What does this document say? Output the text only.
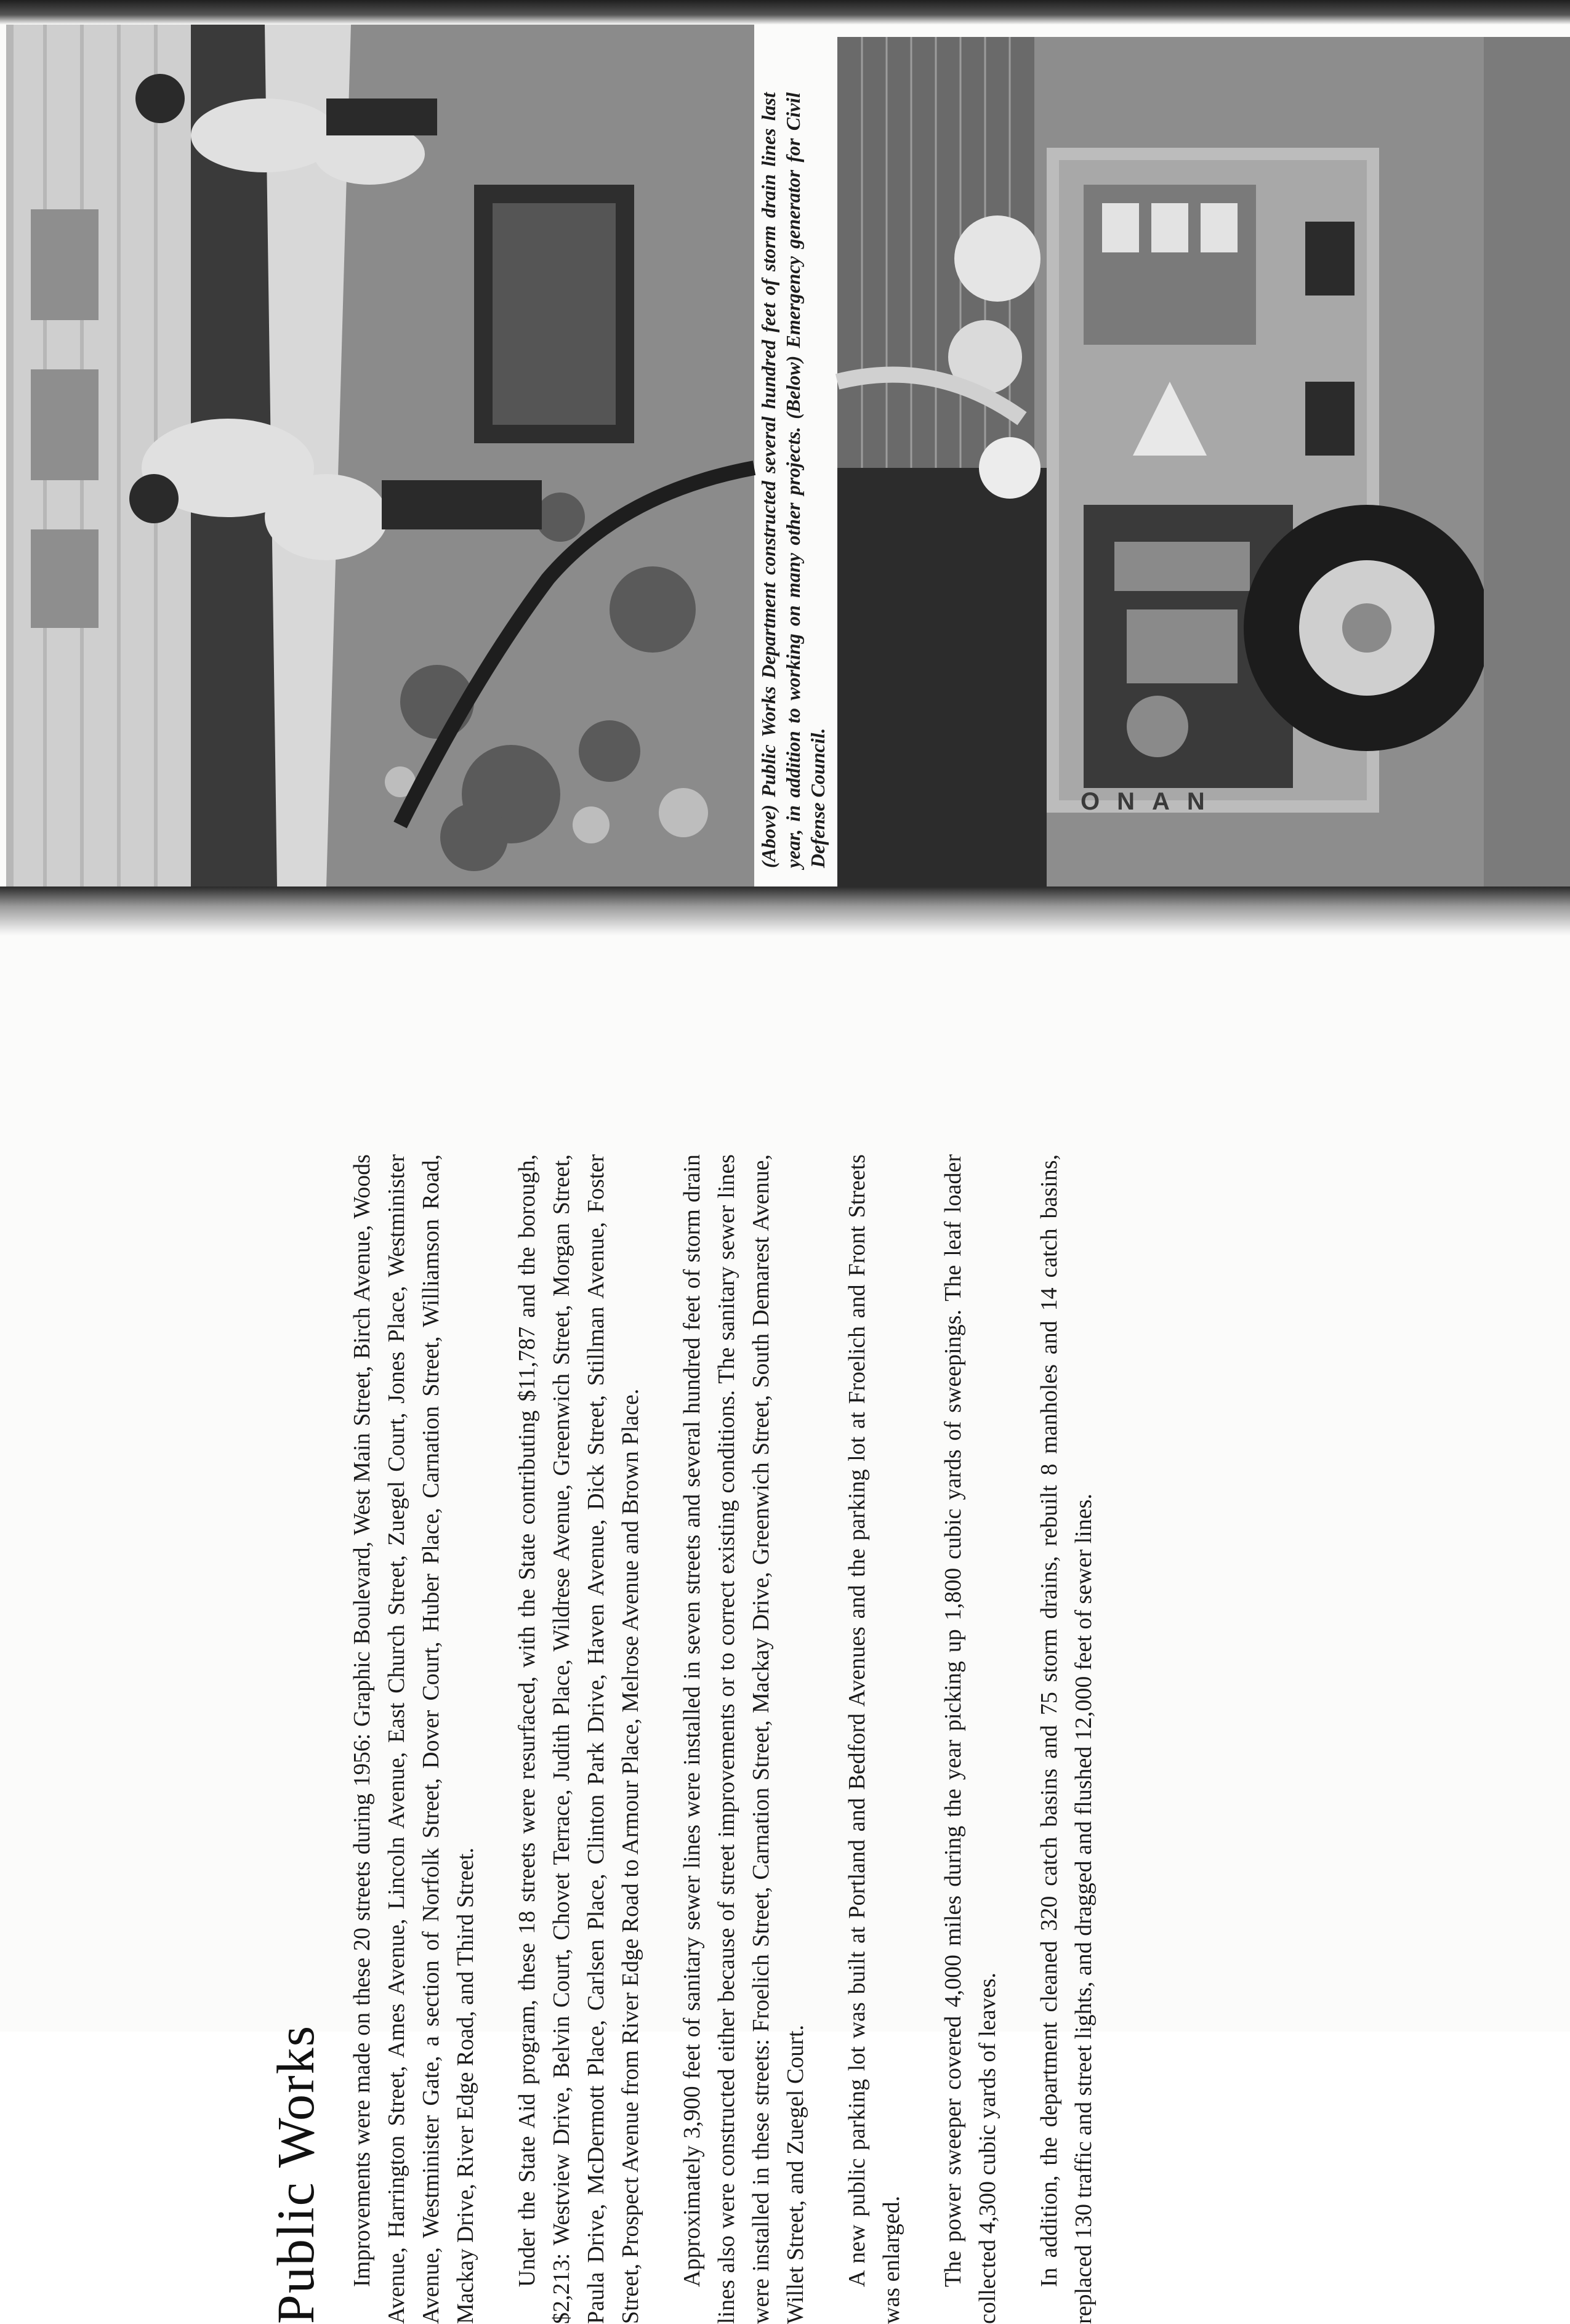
ONAN
(Above) Public Works Department constructed several hundred feet of storm drain lines last year, in addition to working on many other projects. (Below) Emergency generator for Civil Defense Council.
Public Works Improvements were made on these 20 streets during 1956: Graphic Boulevard, West Main Street, Birch Avenue, Woods Avenue, Harrington Street, Ames Avenue, Lincoln Avenue, East Church Street, Zuegel Court, Jones Place, Westminister Avenue, Westminister Gate, a section of Norfolk Street, Dover Court, Huber Place, Carnation Street, Williamson Road, Mackay Drive, River Edge Road, and Third Street. Under the State Aid program, these 18 streets were resurfaced, with the State contributing $11,787 and the borough, $2,213: Westview Drive, Belvin Court, Chovet Terrace, Judith Place, Wildrese Avenue, Greenwich Street, Morgan Street, Paula Drive, McDermott Place, Carlsen Place, Clinton Park Drive, Haven Avenue, Dick Street, Stillman Avenue, Foster Street, Prospect Avenue from River Edge Road to Armour Place, Melrose Avenue and Brown Place. Approximately 3,900 feet of sanitary sewer lines were installed in seven streets and several hundred feet of storm drain lines also were constructed either because of street improvements or to correct existing conditions. The sanitary sewer lines were installed in these streets: Froelich Street, Carnation Street, Mackay Drive, Greenwich Street, South Demarest Avenue, Willet Street, and Zuegel Court. A new public parking lot was built at Portland and Bedford Avenues and the parking lot at Froelich and Front Streets was enlarged. The power sweeper covered 4,000 miles during the year picking up 1,800 cubic yards of sweepings. The leaf loader collected 4,300 cubic yards of leaves. In addition, the department cleaned 320 catch basins and 75 storm drains, rebuilt 8 manholes and 14 catch basins, replaced 130 traffic and street lights, and dragged and flushed 12,000 feet of sewer lines.
